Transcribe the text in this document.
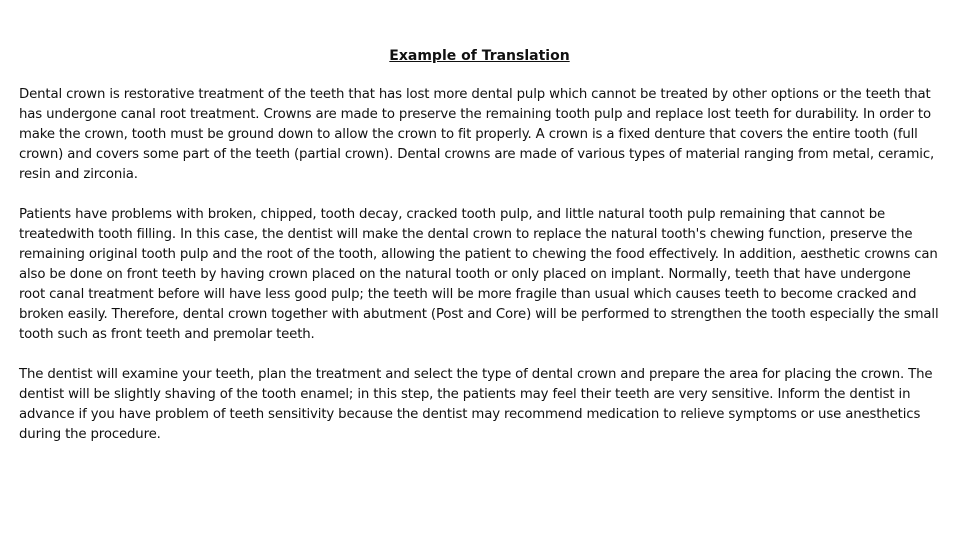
Example of Translation

Dental crown is restorative treatment of the teeth that has lost more dental pulp which cannot be treated by other options or the teeth that has undergone canal root treatment. Crowns are made to preserve the remaining tooth pulp and replace lost teeth for durability. In order to make the crown, tooth must be ground down to allow the crown to fit properly. A crown is a fixed denture that covers the entire tooth (full crown) and covers some part of the teeth (partial crown). Dental crowns are made of various types of material ranging from metal, ceramic, resin and zirconia.

Patients have problems with broken, chipped, tooth decay, cracked tooth pulp, and little natural tooth pulp remaining that cannot be treatedwith tooth filling. In this case, the dentist will make the dental crown to replace the natural tooth's chewing function, preserve the remaining original tooth pulp and the root of the tooth, allowing the patient to chewing the food effectively. In addition, aesthetic crowns can also be done on front teeth by having crown placed on the natural tooth or only placed on implant. Normally, teeth that have undergone root canal treatment before will have less good pulp; the teeth will be more fragile than usual which causes teeth to become cracked and broken easily. Therefore, dental crown together with abutment (Post and Core) will be performed to strengthen the tooth especially the small tooth such as front teeth and premolar teeth.

The dentist will examine your teeth, plan the treatment and select the type of dental crown and prepare the area for placing the crown. The dentist will be slightly shaving of the tooth enamel; in this step, the patients may feel their teeth are very sensitive. Inform the dentist in advance if you have problem of teeth sensitivity because the dentist may recommend medication to relieve symptoms or use anesthetics during the procedure.
